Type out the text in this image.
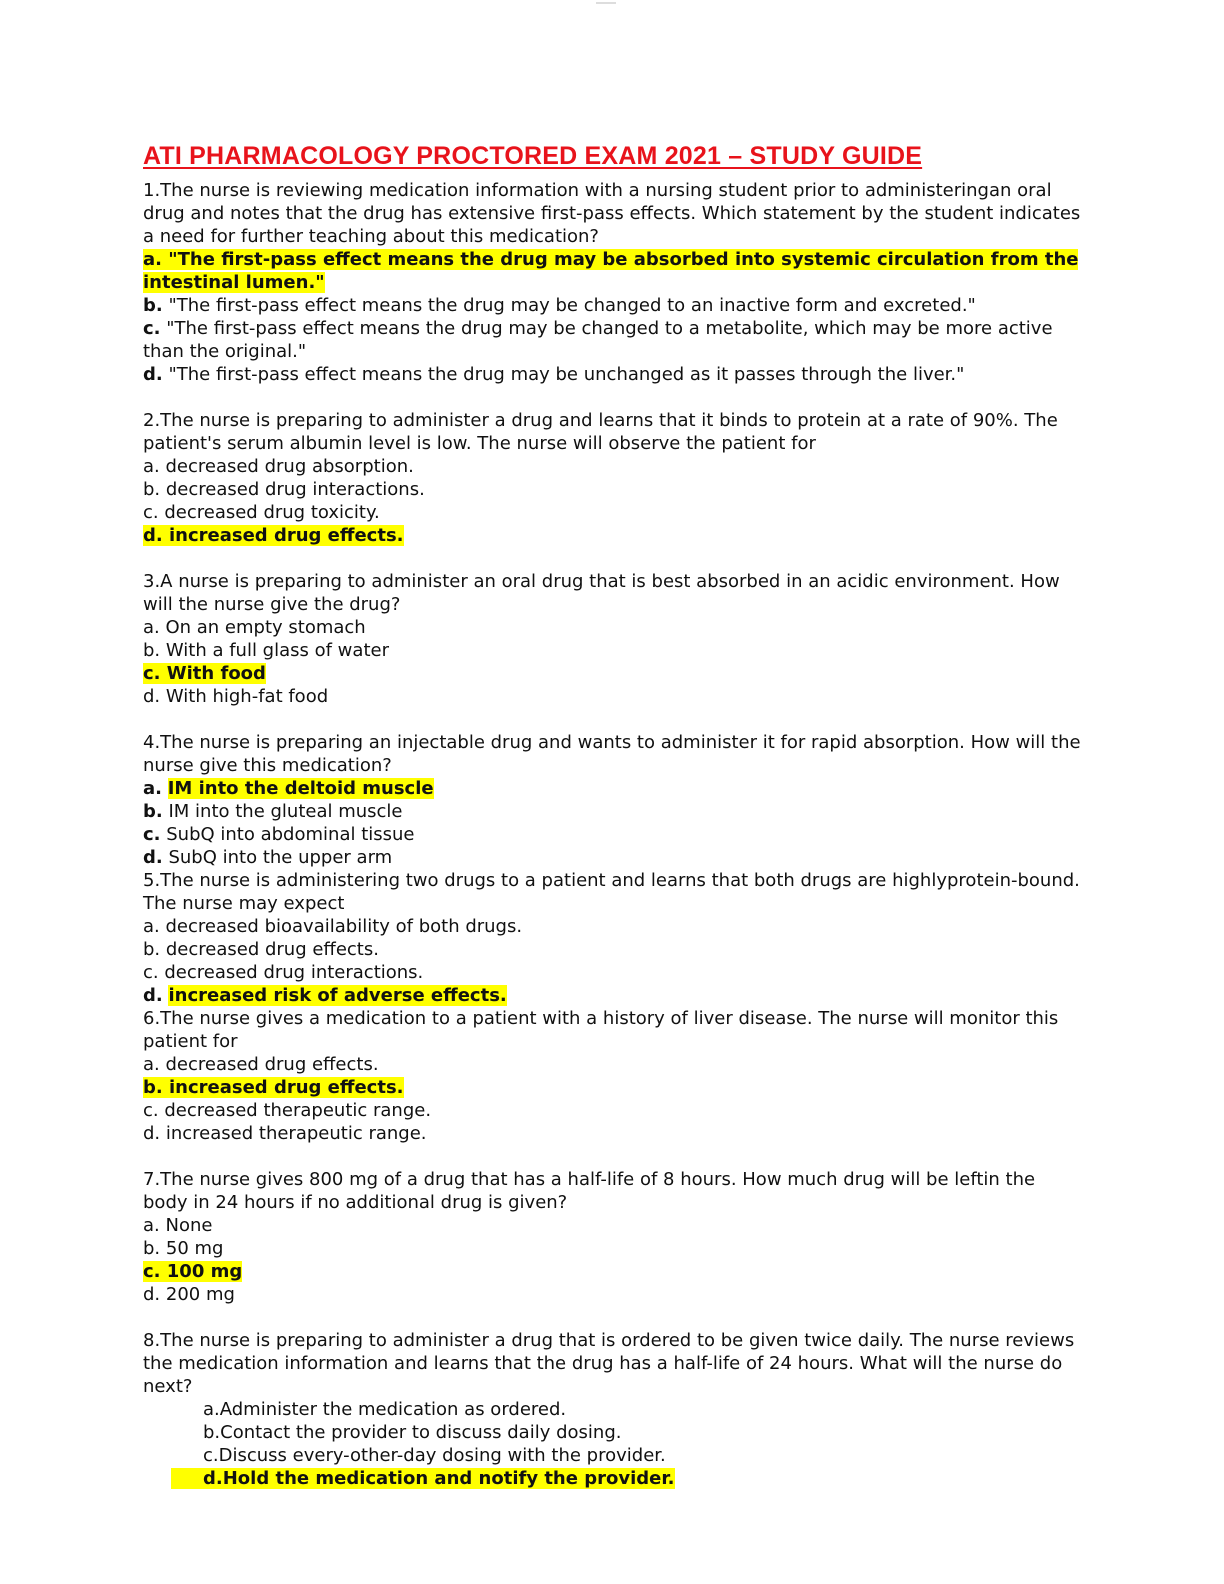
ATI PHARMACOLOGY PROCTORED EXAM 2021 – STUDY GUIDE

1.The nurse is reviewing medication information with a nursing student prior to administeringan oral drug and notes that the drug has extensive first-pass effects. Which statement by the student indicates a need for further teaching about this medication?

a. "The first-pass effect means the drug may be absorbed into systemic circulation from the intestinal lumen."

b. "The first-pass effect means the drug may be changed to an inactive form and excreted."

c. "The first-pass effect means the drug may be changed to a metabolite, which may be more active than the original."

d. "The first-pass effect means the drug may be unchanged as it passes through the liver."

2.The nurse is preparing to administer a drug and learns that it binds to protein at a rate of 90%. The patient's serum albumin level is low. The nurse will observe the patient for

a. decreased drug absorption.

b. decreased drug interactions.

c. decreased drug toxicity.

d. increased drug effects.

3.A nurse is preparing to administer an oral drug that is best absorbed in an acidic environment. How will the nurse give the drug?

a. On an empty stomach

b. With a full glass of water

c. With food

d. With high-fat food

4.The nurse is preparing an injectable drug and wants to administer it for rapid absorption. How will the nurse give this medication?

a. IM into the deltoid muscle

b. IM into the gluteal muscle

c. SubQ into abdominal tissue

d. SubQ into the upper arm

5.The nurse is administering two drugs to a patient and learns that both drugs are highlyprotein-bound. The nurse may expect

a. decreased bioavailability of both drugs.

b. decreased drug effects.

c. decreased drug interactions.

d. increased risk of adverse effects.

6.The nurse gives a medication to a patient with a history of liver disease. The nurse will monitor this patient for

a. decreased drug effects.

b. increased drug effects.

c. decreased therapeutic range.

d. increased therapeutic range.

7.The nurse gives 800 mg of a drug that has a half-life of 8 hours. How much drug will be leftin the body in 24 hours if no additional drug is given?

a. None

b. 50 mg

c. 100 mg

d. 200 mg

8.The nurse is preparing to administer a drug that is ordered to be given twice daily. The nurse reviews the medication information and learns that the drug has a half-life of 24 hours. What will the nurse do next?

a.Administer the medication as ordered.

b.Contact the provider to discuss daily dosing.

c.Discuss every-other-day dosing with the provider.

d.Hold the medication and notify the provider.
